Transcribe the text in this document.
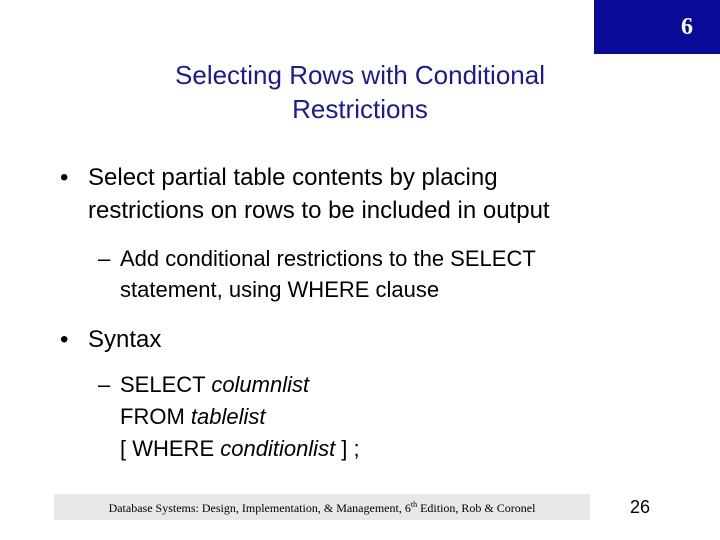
6
Selecting Rows with Conditional
Restrictions
• Select partial table contents by placing
restrictions on rows to be included in output
– Add conditional restrictions to the SELECT
statement, using WHERE clause
• Syntax
– SELECT columnlist
FROM tablelist
[ WHERE conditionlist ] ;
Database Systems: Design, Implementation, & Management, 6th Edition, Rob & Coronel	26
